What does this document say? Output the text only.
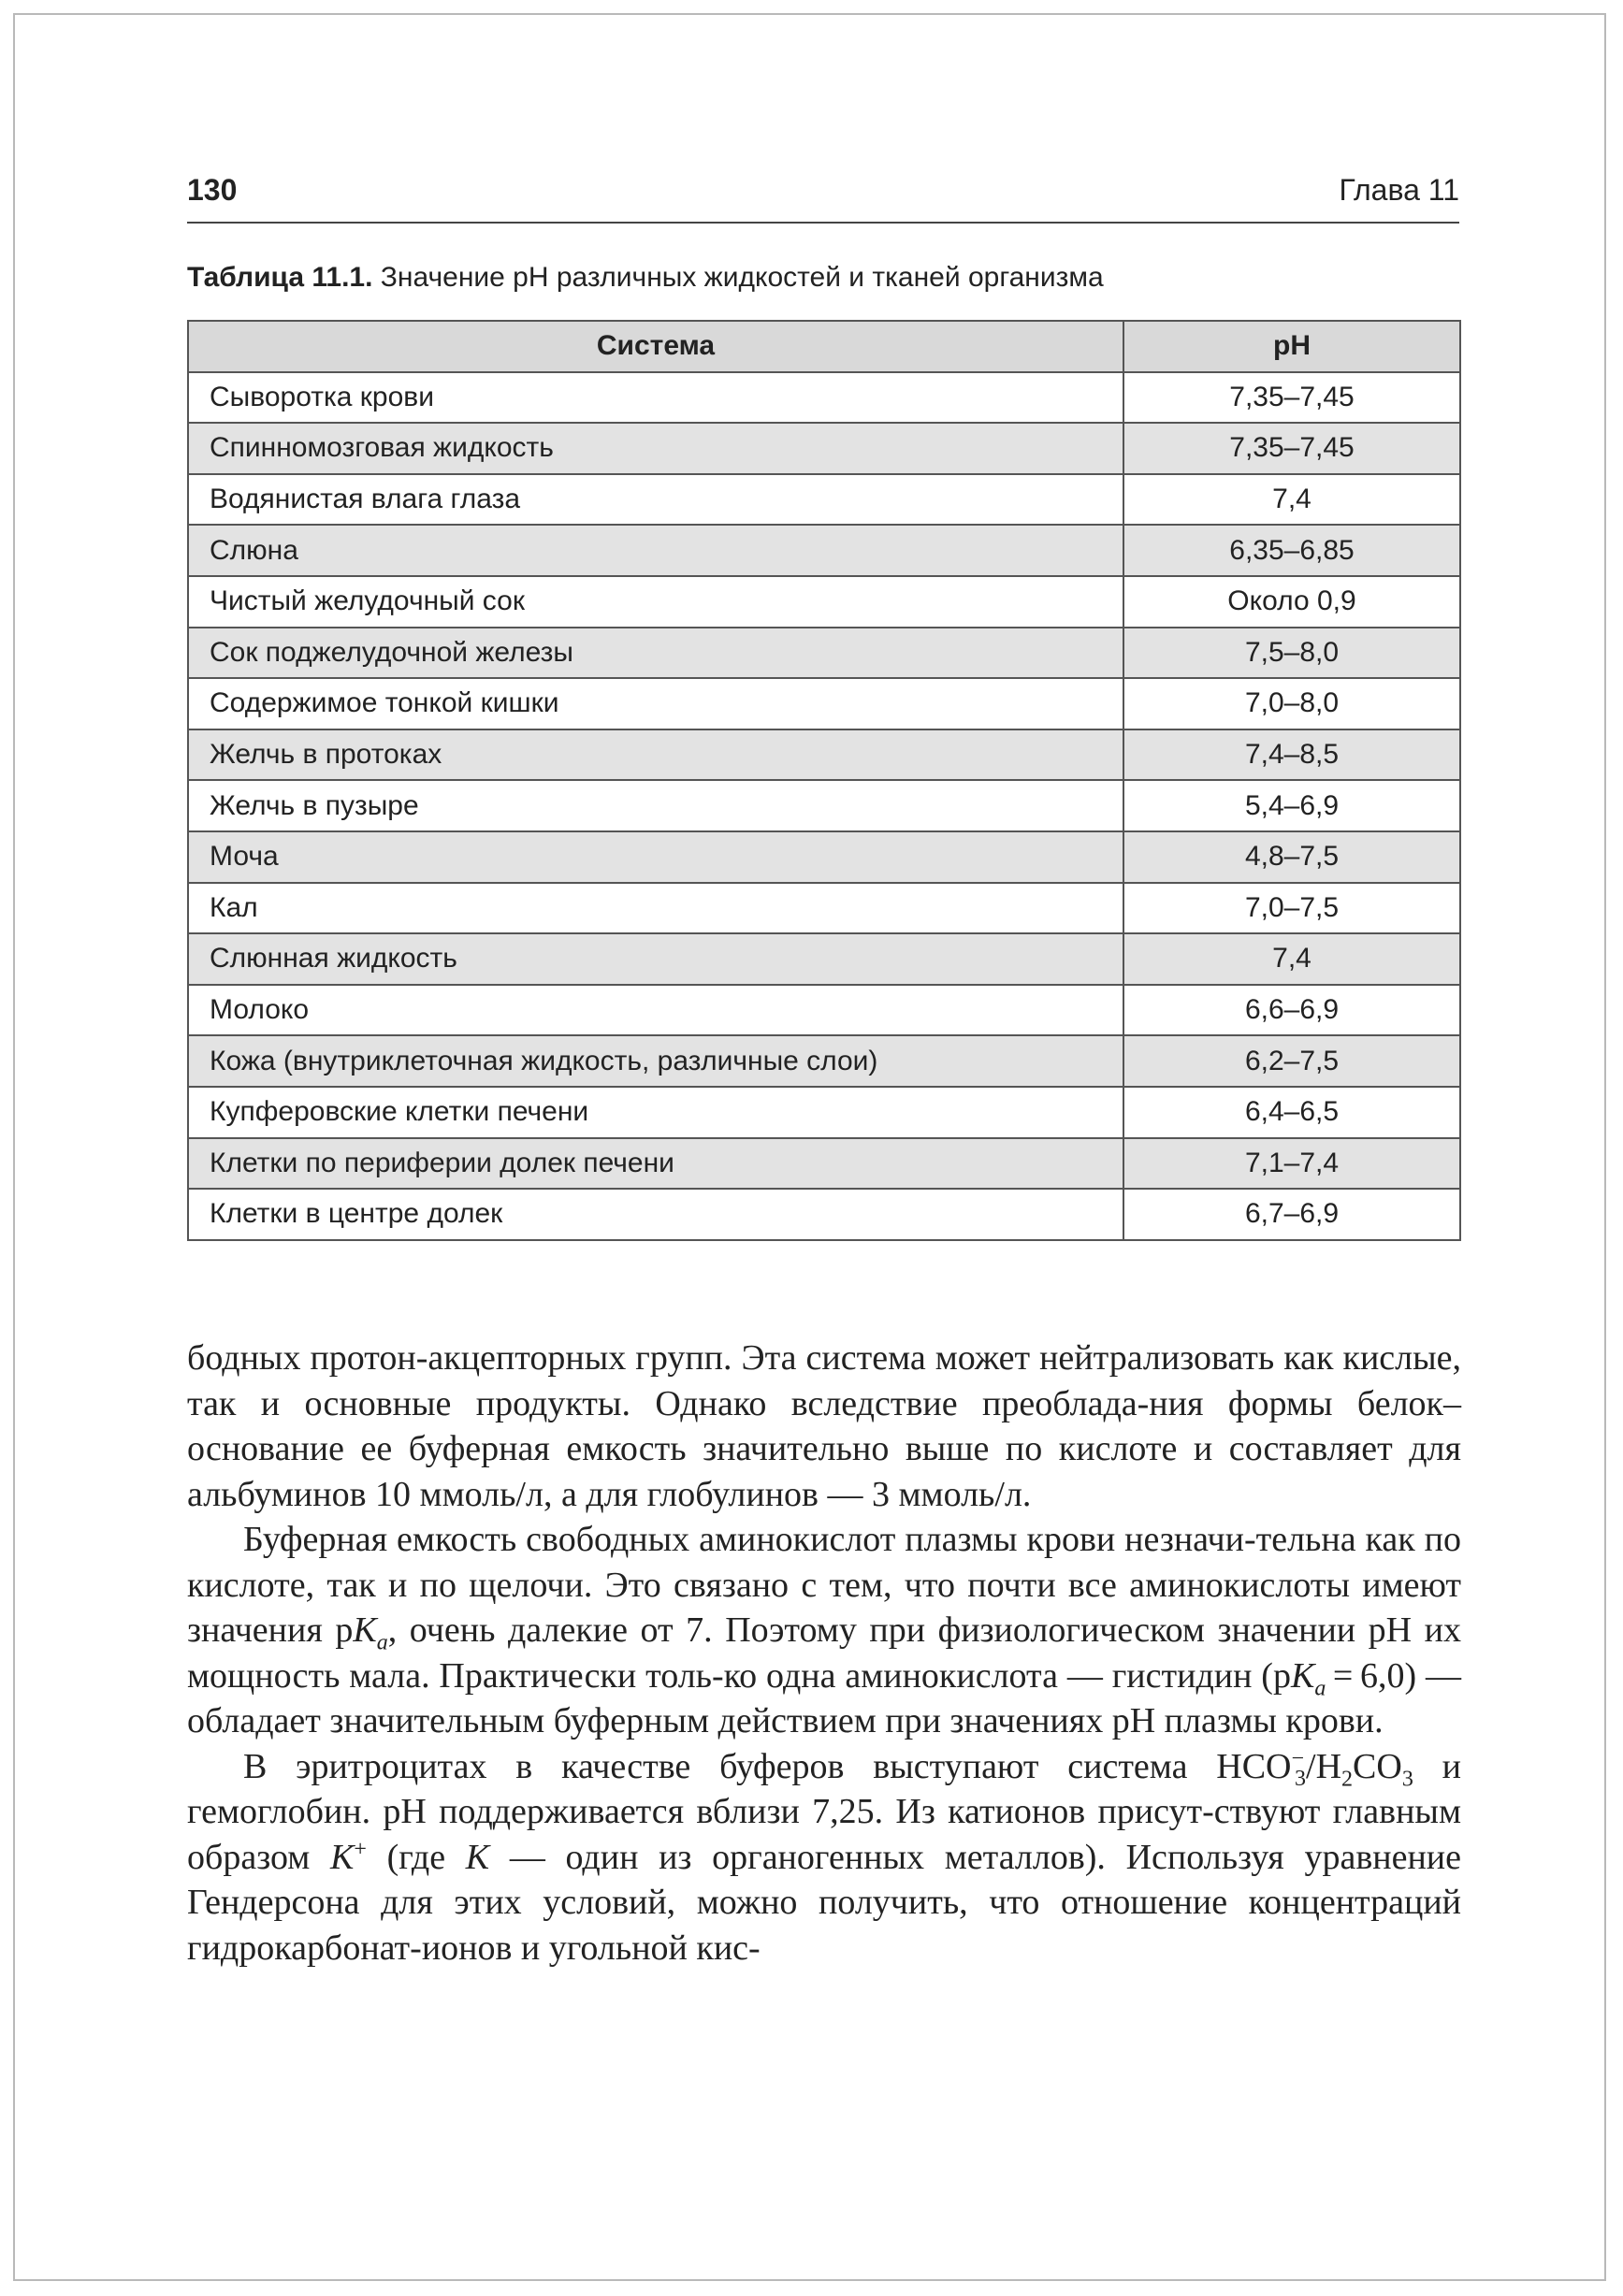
130	Глава 11
Таблица 11.1. Значение pH различных жидкостей и тканей организма
Система	pH
Сыворотка крови	7,35–7,45
Спинномозговая жидкость	7,35–7,45
Водянистая влага глаза	7,4
Слюна	6,35–6,85
Чистый желудочный сок	Около 0,9
Сок поджелудочной железы	7,5–8,0
Содержимое тонкой кишки	7,0–8,0
Желчь в протоках	7,4–8,5
Желчь в пузыре	5,4–6,9
Моча	4,8–7,5
Кал	7,0–7,5
Слюнная жидкость	7,4
Молоко	6,6–6,9
Кожа (внутриклеточная жидкость, различные слои)	6,2–7,5
Купферовские клетки печени	6,4–6,5
Клетки по периферии долек печени	7,1–7,4
Клетки в центре долек	6,7–6,9

бодных протон-акцепторных групп. Эта система может нейтрализовать как кислые, так и основные продукты. Однако вследствие преоблада-ния формы белок–основание ее буферная емкость значительно выше по кислоте и составляет для альбуминов 10 ммоль/л, а для глобулинов — 3 ммоль/л.

Буферная емкость свободных аминокислот плазмы крови незначи-тельна как по кислоте, так и по щелочи. Это связано с тем, что почти все аминокислоты имеют значения $pK_a$, очень далекие от 7. Поэтому при физиологическом значении pH их мощность мала. Практически толь-ко одна аминокислота — гистидин $(pK_a = 6,0)$ — обладает значительным буферным действием при значениях pH плазмы крови.

В эритроцитах в качестве буферов выступают система $HCO^-_3/H_2CO_3$ и гемоглобин. pH поддерживается вблизи 7,25. Из катионов присут-ствуют главным образом K+ (где K — один из органогенных металлов). Используя уравнение Гендерсона для этих условий, можно получить, что отношение концентраций гидрокарбонат-ионов и угольной кис-
